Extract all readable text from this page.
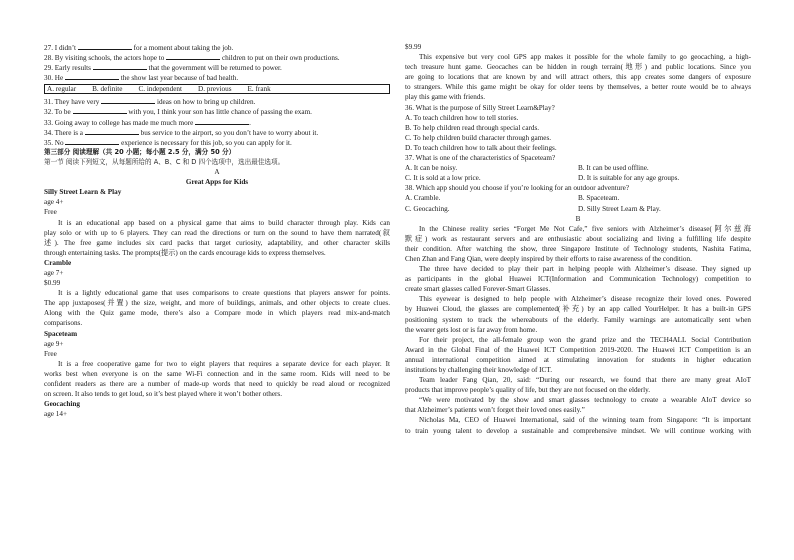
27. I didn’t	for a moment about taking the job.
28. By visiting schools, the actors hope to	children to put on their own productions.
29. Early results	that the government will be returned to power.
30. He	the show last year because of bad health.
A. regular B. definite C. independent D. previous E. frank
31. They have very	ideas on how to bring up children.
32. To be	with you, I think your son has little chance of passing the exam.
33. Going away to college has made me much more	.
34. There is a	bus service to the airport, so you don’t have to worry about it.
35. No	experience is necessary for this job, so you can apply for it.
第三部分 阅读理解（共 20 小题；每小题 2.5 分，满分 50 分）
第一节 阅读下列短文，从每题所给的 A、B、C 和 D 四个选项中，选出最佳选项。
A
Great Apps for Kids
Silly Street Learn & Play
age 4+
Free
It is an educational app based on a physical game that aims to build character through play. Kids can
play solo or with up to 6 players. They can read the directions or turn on the sound to have them narrated(叙
述). The free game includes six card packs that target curiosity, adaptability, and other character skills
through entertaining tasks. The prompts(提示) on the cards encourage kids to express themselves.
Cramble
age 7+
$0.99
It is a lightly educational game that uses comparisons to create questions that players answer for points.
The app juxtaposes(并置) the size, weight, and more of buildings, animals, and other objects to create clues.
Along with the Quiz game mode, there’s also a Compare mode in which players read mix-and-match
comparisons.
Spaceteam
age 9+
Free
It is a free cooperative game for two to eight players that requires a separate device for each player. It
works best when everyone is on the same Wi-Fi connection and in the same room. Kids will need to be
confident readers as there are a number of made-up words that need to quickly be read aloud or recognized
on screen. It also tends to get loud, so it’s best played where it won’t bother others.
Geocaching
age 14+
$9.99
This expensive but very cool GPS app makes it possible for the whole family to go geocaching, a high-
tech treasure hunt game. Geocaches can be hidden in rough terrain(地形) and public locations. Since you
are going to locations that are known by and will attract others, this app creates some dangers of exposure
to strangers. While this game might be okay for older teens by themselves, a better route would be to always
play this game with friends.
36. What is the purpose of Silly Street Learn&Play?
A. To teach children how to tell stories.
B. To help children read through special cards.
C. To help children build character through games.
D. To teach children how to talk about their feelings.
37. What is one of the characteristics of Spaceteam?
A. It can be noisy.	B. It can be used offline.
C. It is sold at a low price.	D. It is suitable for any age groups.
38. Which app should you choose if you’re looking for an outdoor adventure?
A. Cramble.	B. Spaceteam.
C. Geocaching.	D. Silly Street Learn & Play.
B
In the Chinese reality series “Forget Me Not Cafe,” five seniors with Alzheimer’s disease(阿尔兹海
默症) work as restaurant servers and are enthusiastic about socializing and living a fulfilling life despite
their condition. After watching the show, three Singapore Institute of Technology students, Nashita Fatima,
Chen Zhan and Fang Qian, were deeply inspired by their efforts to raise awareness of the condition.
The three have decided to play their part in helping people with Alzheimer’s disease. They signed up
as participants in the global Huawei ICT(Information and Communication Technology) competition to
create smart glasses called Forever-Smart Glasses.
This eyewear is designed to help people with Alzheimer’s disease recognize their loved ones. Powered
by Huawei Cloud, the glasses are complemented(补充) by an app called YourHelper. It has a built-in GPS
positioning system to track the whereabouts of the elderly. Family warnings are automatically sent when
the wearer gets lost or is far away from home.
For their project, the all-female group won the grand prize and the TECH4ALL Social Contribution
Award in the Global Final of the Huawei ICT Competition 2019-2020. The Huawei ICT Competition is an
annual international competition aimed at stimulating innovation for students in higher education
institutions by challenging their knowledge of ICT.
Team leader Fang Qian, 20, said: “During our research, we found that there are many great AIoT
products that improve people’s quality of life, but they are not focused on the elderly.
“We were motivated by the show and smart glasses technology to create a wearable AIoT device so
that Alzheimer’s patients won’t forget their loved ones easily.”
Nicholas Ma, CEO of Huawei International, said of the winning team from Singapore: “It is important
to train young talent to develop a sustainable and comprehensive mindset. We will continue working with
